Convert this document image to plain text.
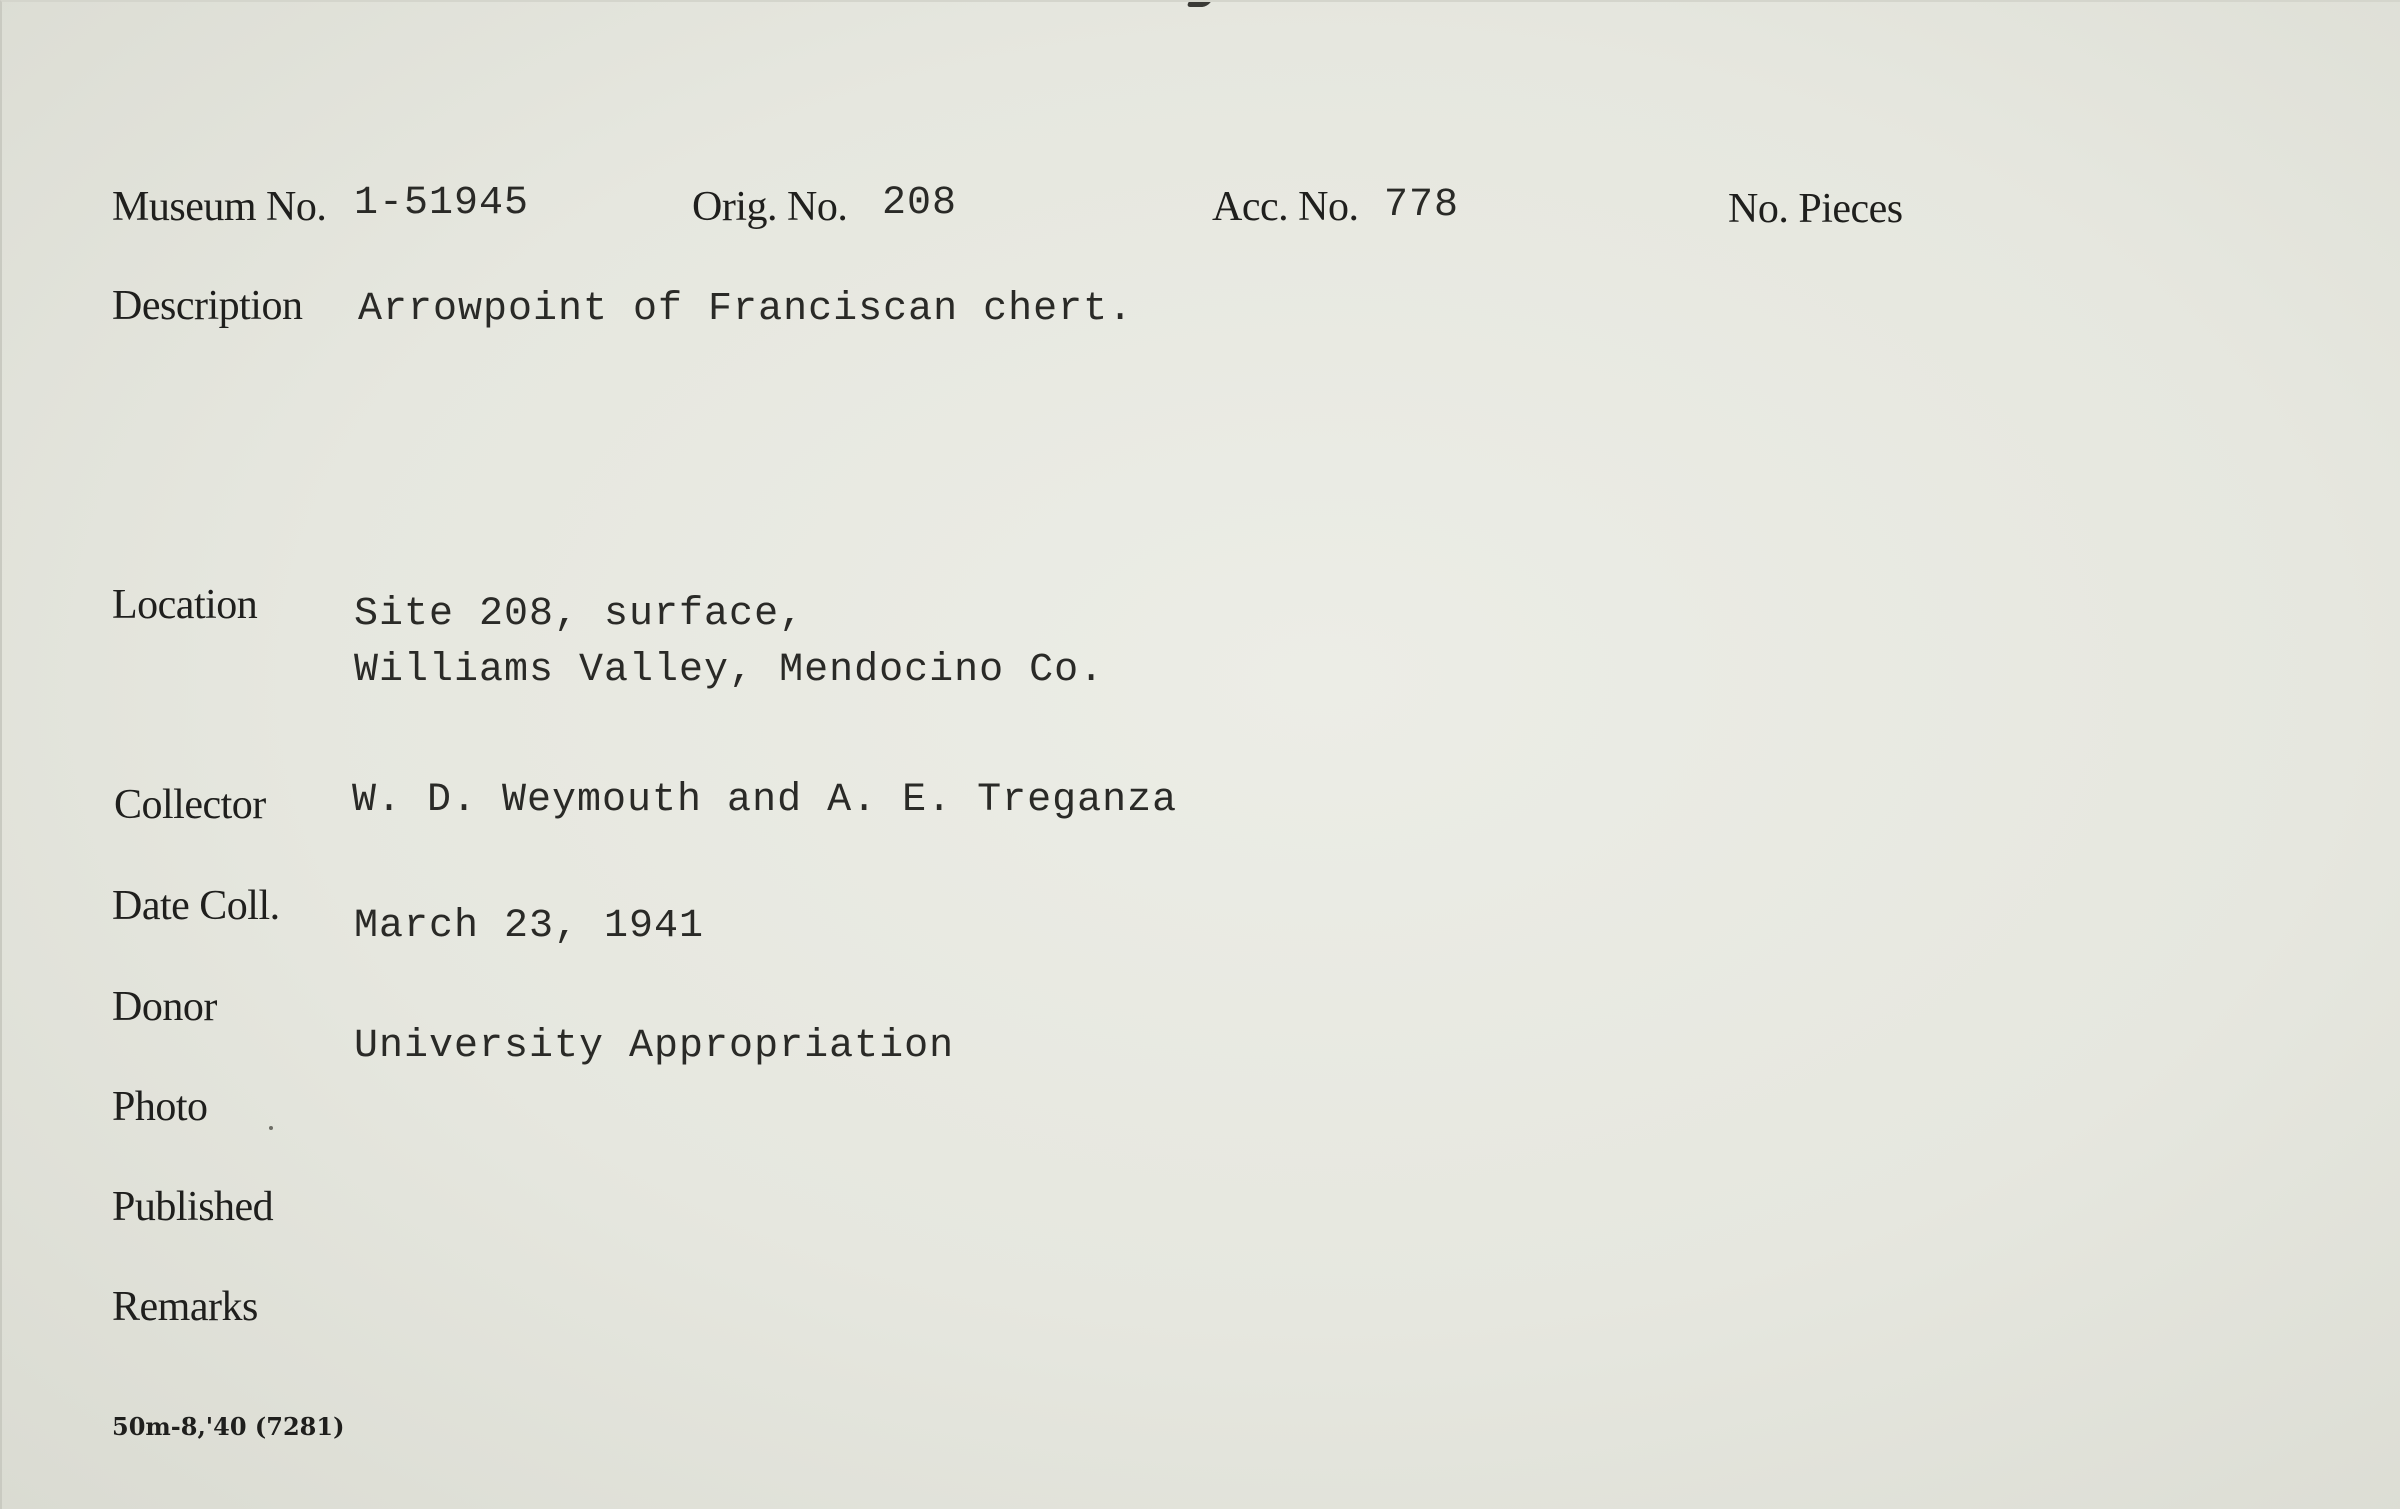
Museum No. 1-51945	Orig. No. 208	Acc. No. 778	No. Pieces
Description Arrowpoint of Franciscan chert.
Location Site 208, surface,
Williams Valley, Mendocino Co.
Collector W. D. Weymouth and A. E. Treganza
Date Coll. March 23, 1941
Donor
University Appropriation
Photo
Published
Remarks
50m-8,'40 (7281)
